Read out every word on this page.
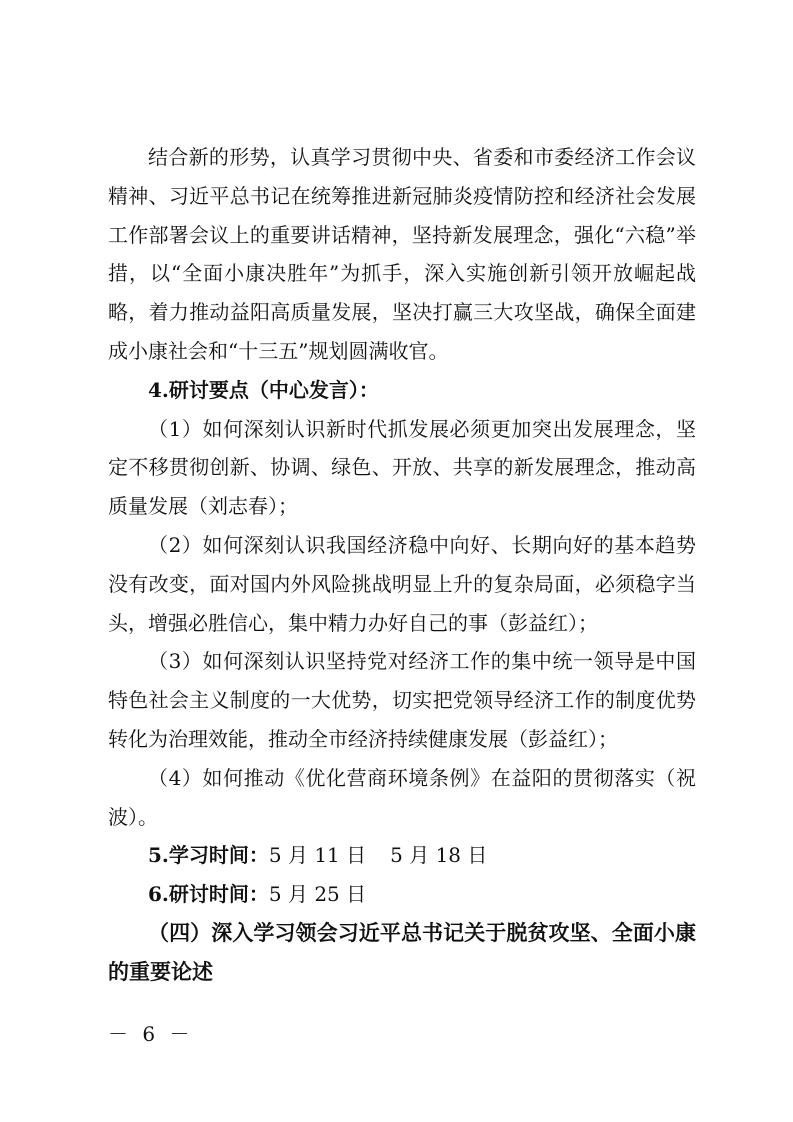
结合新的形势，认真学习贯彻中央、省委和市委经济工作会议精神、习近平总书记在统筹推进新冠肺炎疫情防控和经济社会发展工作部署会议上的重要讲话精神，坚持新发展理念，强化“六稳”举措，以“全面小康决胜年”为抓手，深入实施创新引领开放崛起战略，着力推动益阳高质量发展，坚决打赢三大攻坚战，确保全面建成小康社会和“十三五”规划圆满收官。

4.研讨要点（中心发言）：

（1）如何深刻认识新时代抓发展必须更加突出发展理念，坚定不移贯彻创新、协调、绿色、开放、共享的新发展理念，推动高质量发展（刘志春）；

（2）如何深刻认识我国经济稳中向好、长期向好的基本趋势没有改变，面对国内外风险挑战明显上升的复杂局面，必须稳字当头，增强必胜信心，集中精力办好自己的事（彭益红）；

（3）如何深刻认识坚持党对经济工作的集中统一领导是中国特色社会主义制度的一大优势，切实把党领导经济工作的制度优势转化为治理效能，推动全市经济持续健康发展（彭益红）；

（4）如何推动《优化营商环境条例》在益阳的贯彻落实（祝波）。

5.学习时间：5 月 11 日 5 月 18 日

6.研讨时间：5 月 25 日

（四）深入学习领会习近平总书记关于脱贫攻坚、全面小康的重要论述

－ 6 －
